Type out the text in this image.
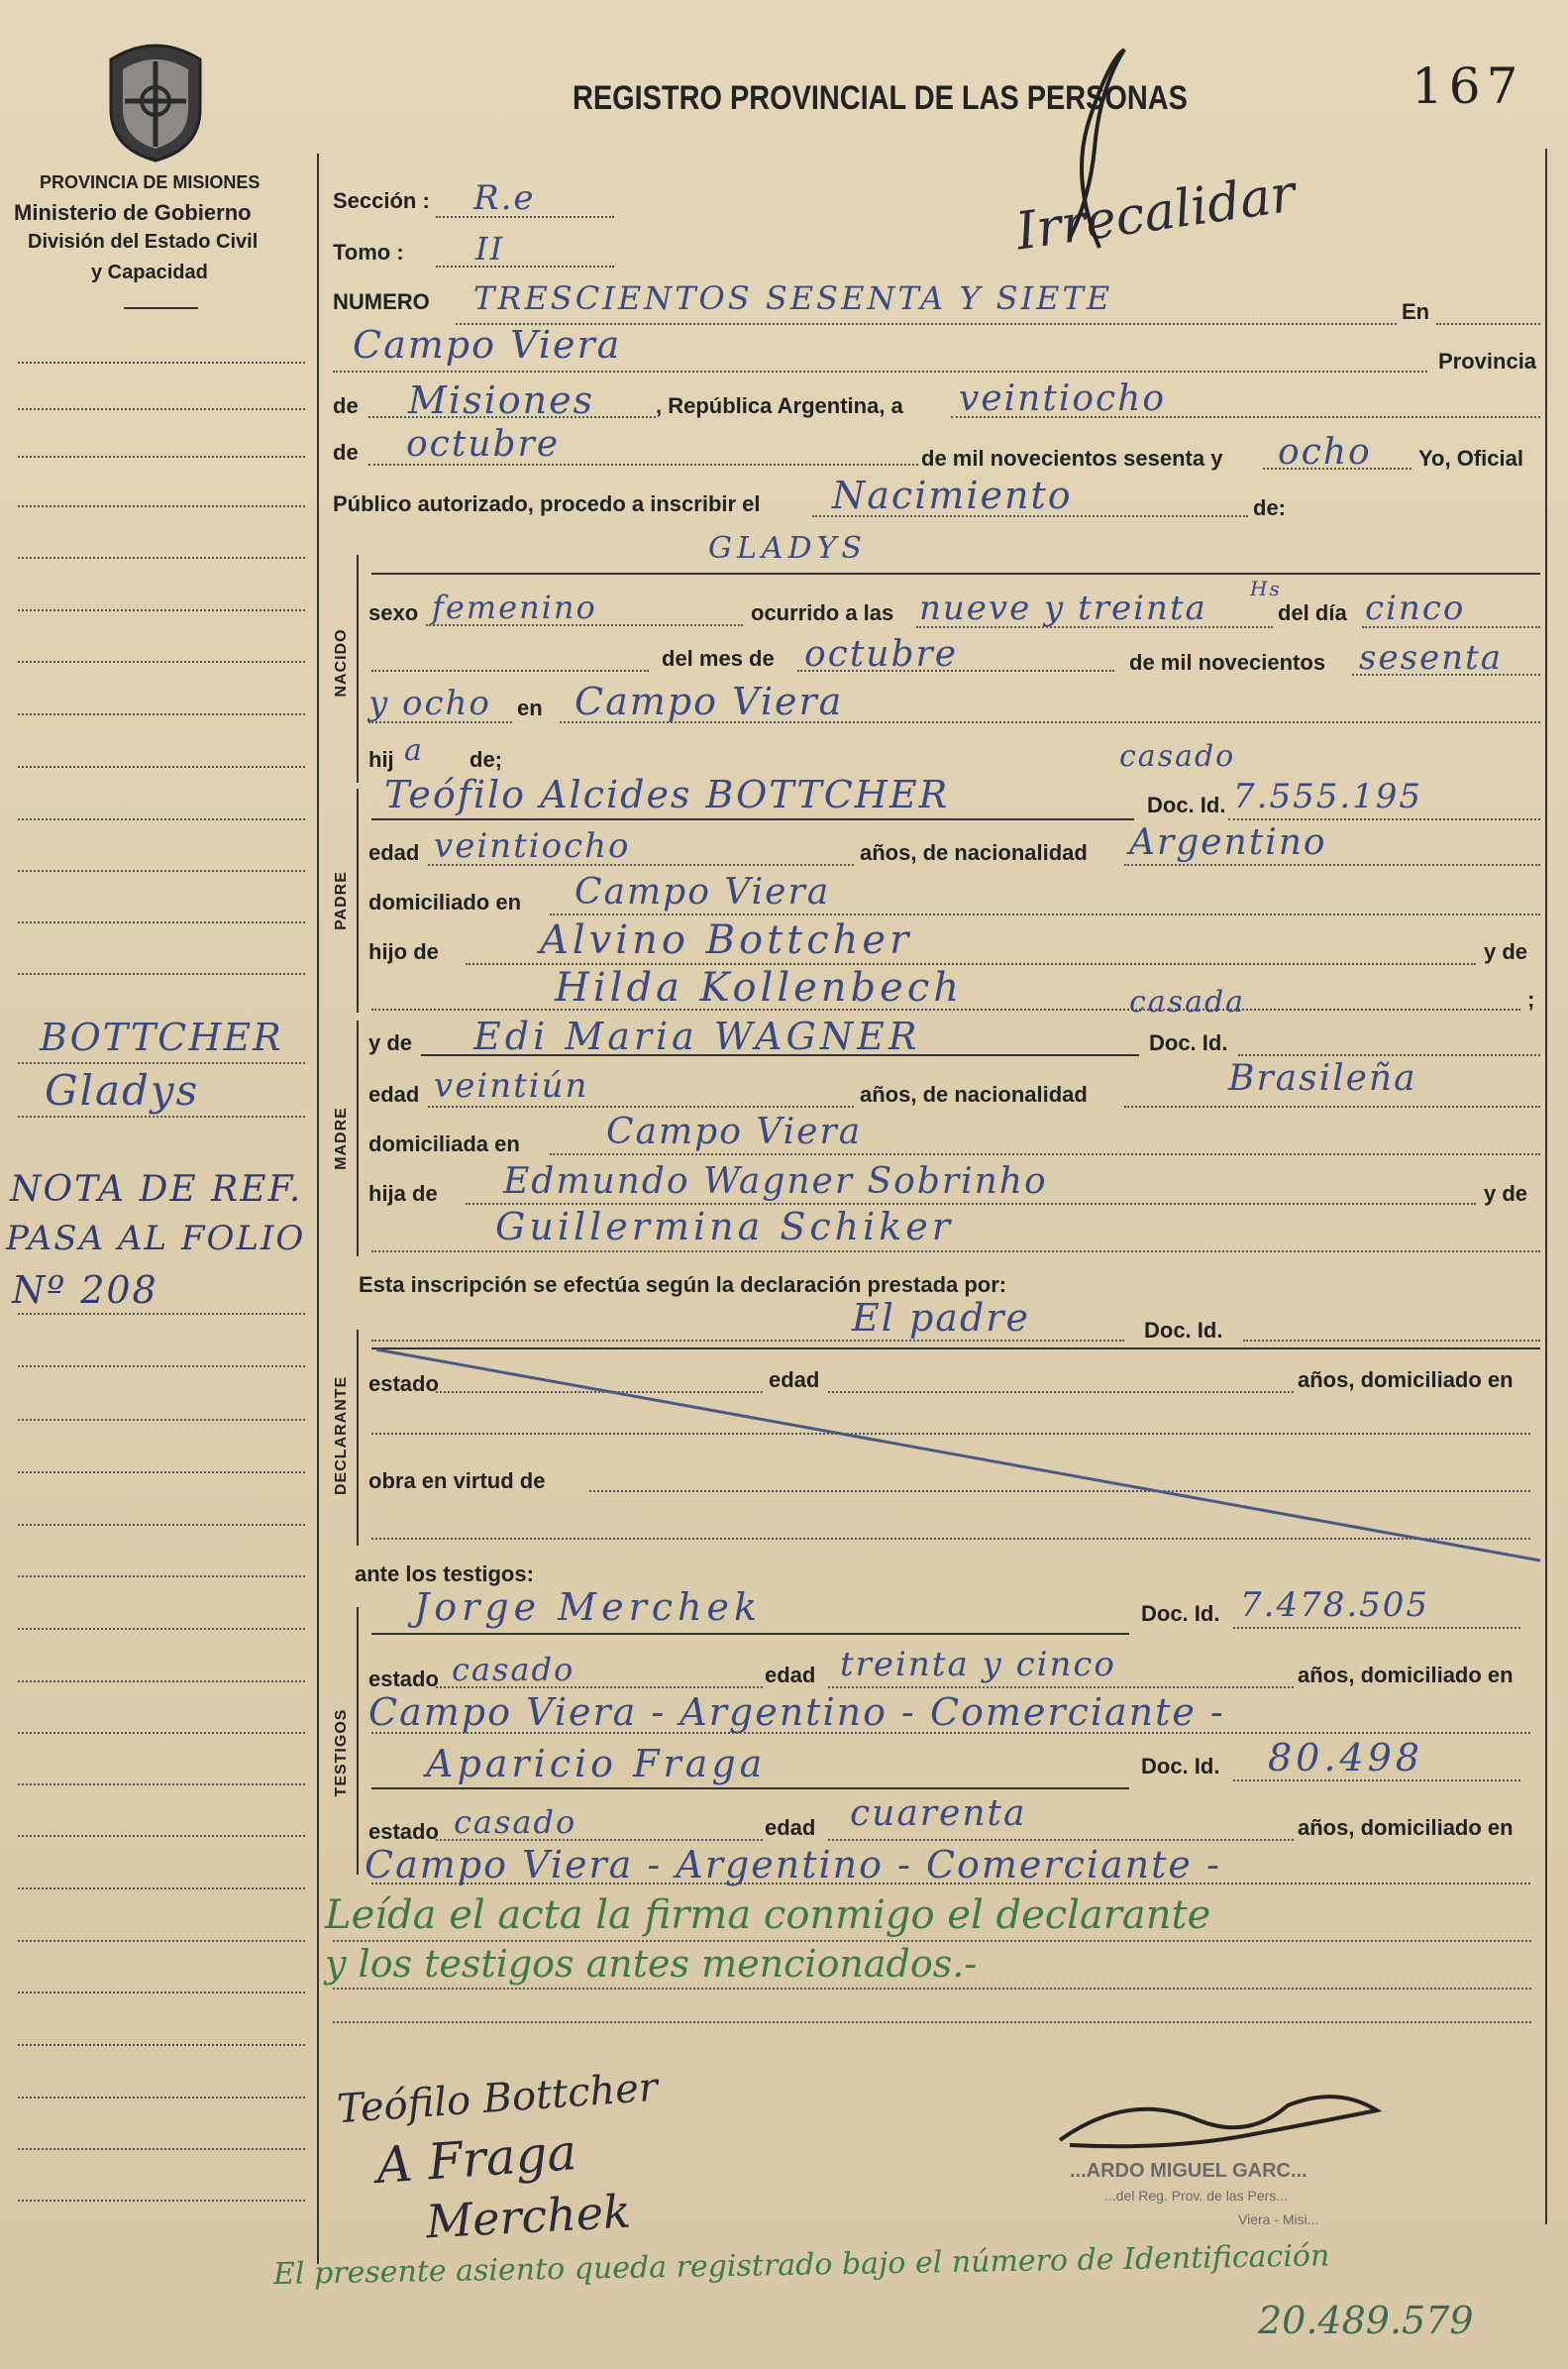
PROVINCIA DE MISIONES
Ministerio de Gobierno
División del Estado Civil
y Capacidad
BOTTCHER
Gladys
NOTA DE REF.
PASA AL FOLIO
Nº 208
REGISTRO PROVINCIAL DE LAS PERSONAS	167
Irrecalidar
Sección : R.e
Tomo : II
NUMERO TRESCIENTOS SESENTA Y SIETE	En
Campo Viera	Provincia
de Misiones	, República Argentina, a veintiocho
de octubre	de mil novecientos sesenta y ocho Yo, Oficial
Público autorizado, procedo a inscribir el Nacimiento	de:
NACIDO
GLADYS
sexo femenino	ocurrido a las nueve y treinta Hs
del día cinco
del mes de octubre	de mil novecientos sesenta
y ocho en Campo Viera
hij a de;	casado
PADRE
Teófilo Alcides BOTTCHER	Doc. Id. 7.555.195
edad veintiocho	años, de nacionalidad Argentino
domiciliado en Campo Viera
hijo de	Alvino Bottcher	y de
Hilda Kollenbech	;
casada
MADRE
y de Edi Maria WAGNER	Doc. Id.
edad veintiún	años, de nacionalidad	Brasileña
domiciliada en Campo Viera
hija de Edmundo Wagner Sobrinho	y de
Guillermina Schiker
Esta inscripción se efectúa según la declaración prestada por:
El padre	Doc. Id.
DECLARANTE estado	edad	años, domiciliado en
obra en virtud de
ante los testigos:
TESTIGOS
Jorge Merchek	Doc. Id. 7.478.505
estado casado	edad treinta y cinco	años, domiciliado en
Campo Viera - Argentino - Comerciante -
Aparicio Fraga	Doc. Id. 80.498
estado casado	edad cuarenta	años, domiciliado en
Campo Viera - Argentino - Comerciante -
Leída el acta la firma conmigo el declarante
y los testigos antes mencionados.-
Teófilo Bottcher
A Fraga
Merchek
...ARDO MIGUEL GARC...
...del Reg. Prov. de las Pers...
Viera - Misi...
El presente asiento queda registrado bajo el número de Identificación
20.489.579
